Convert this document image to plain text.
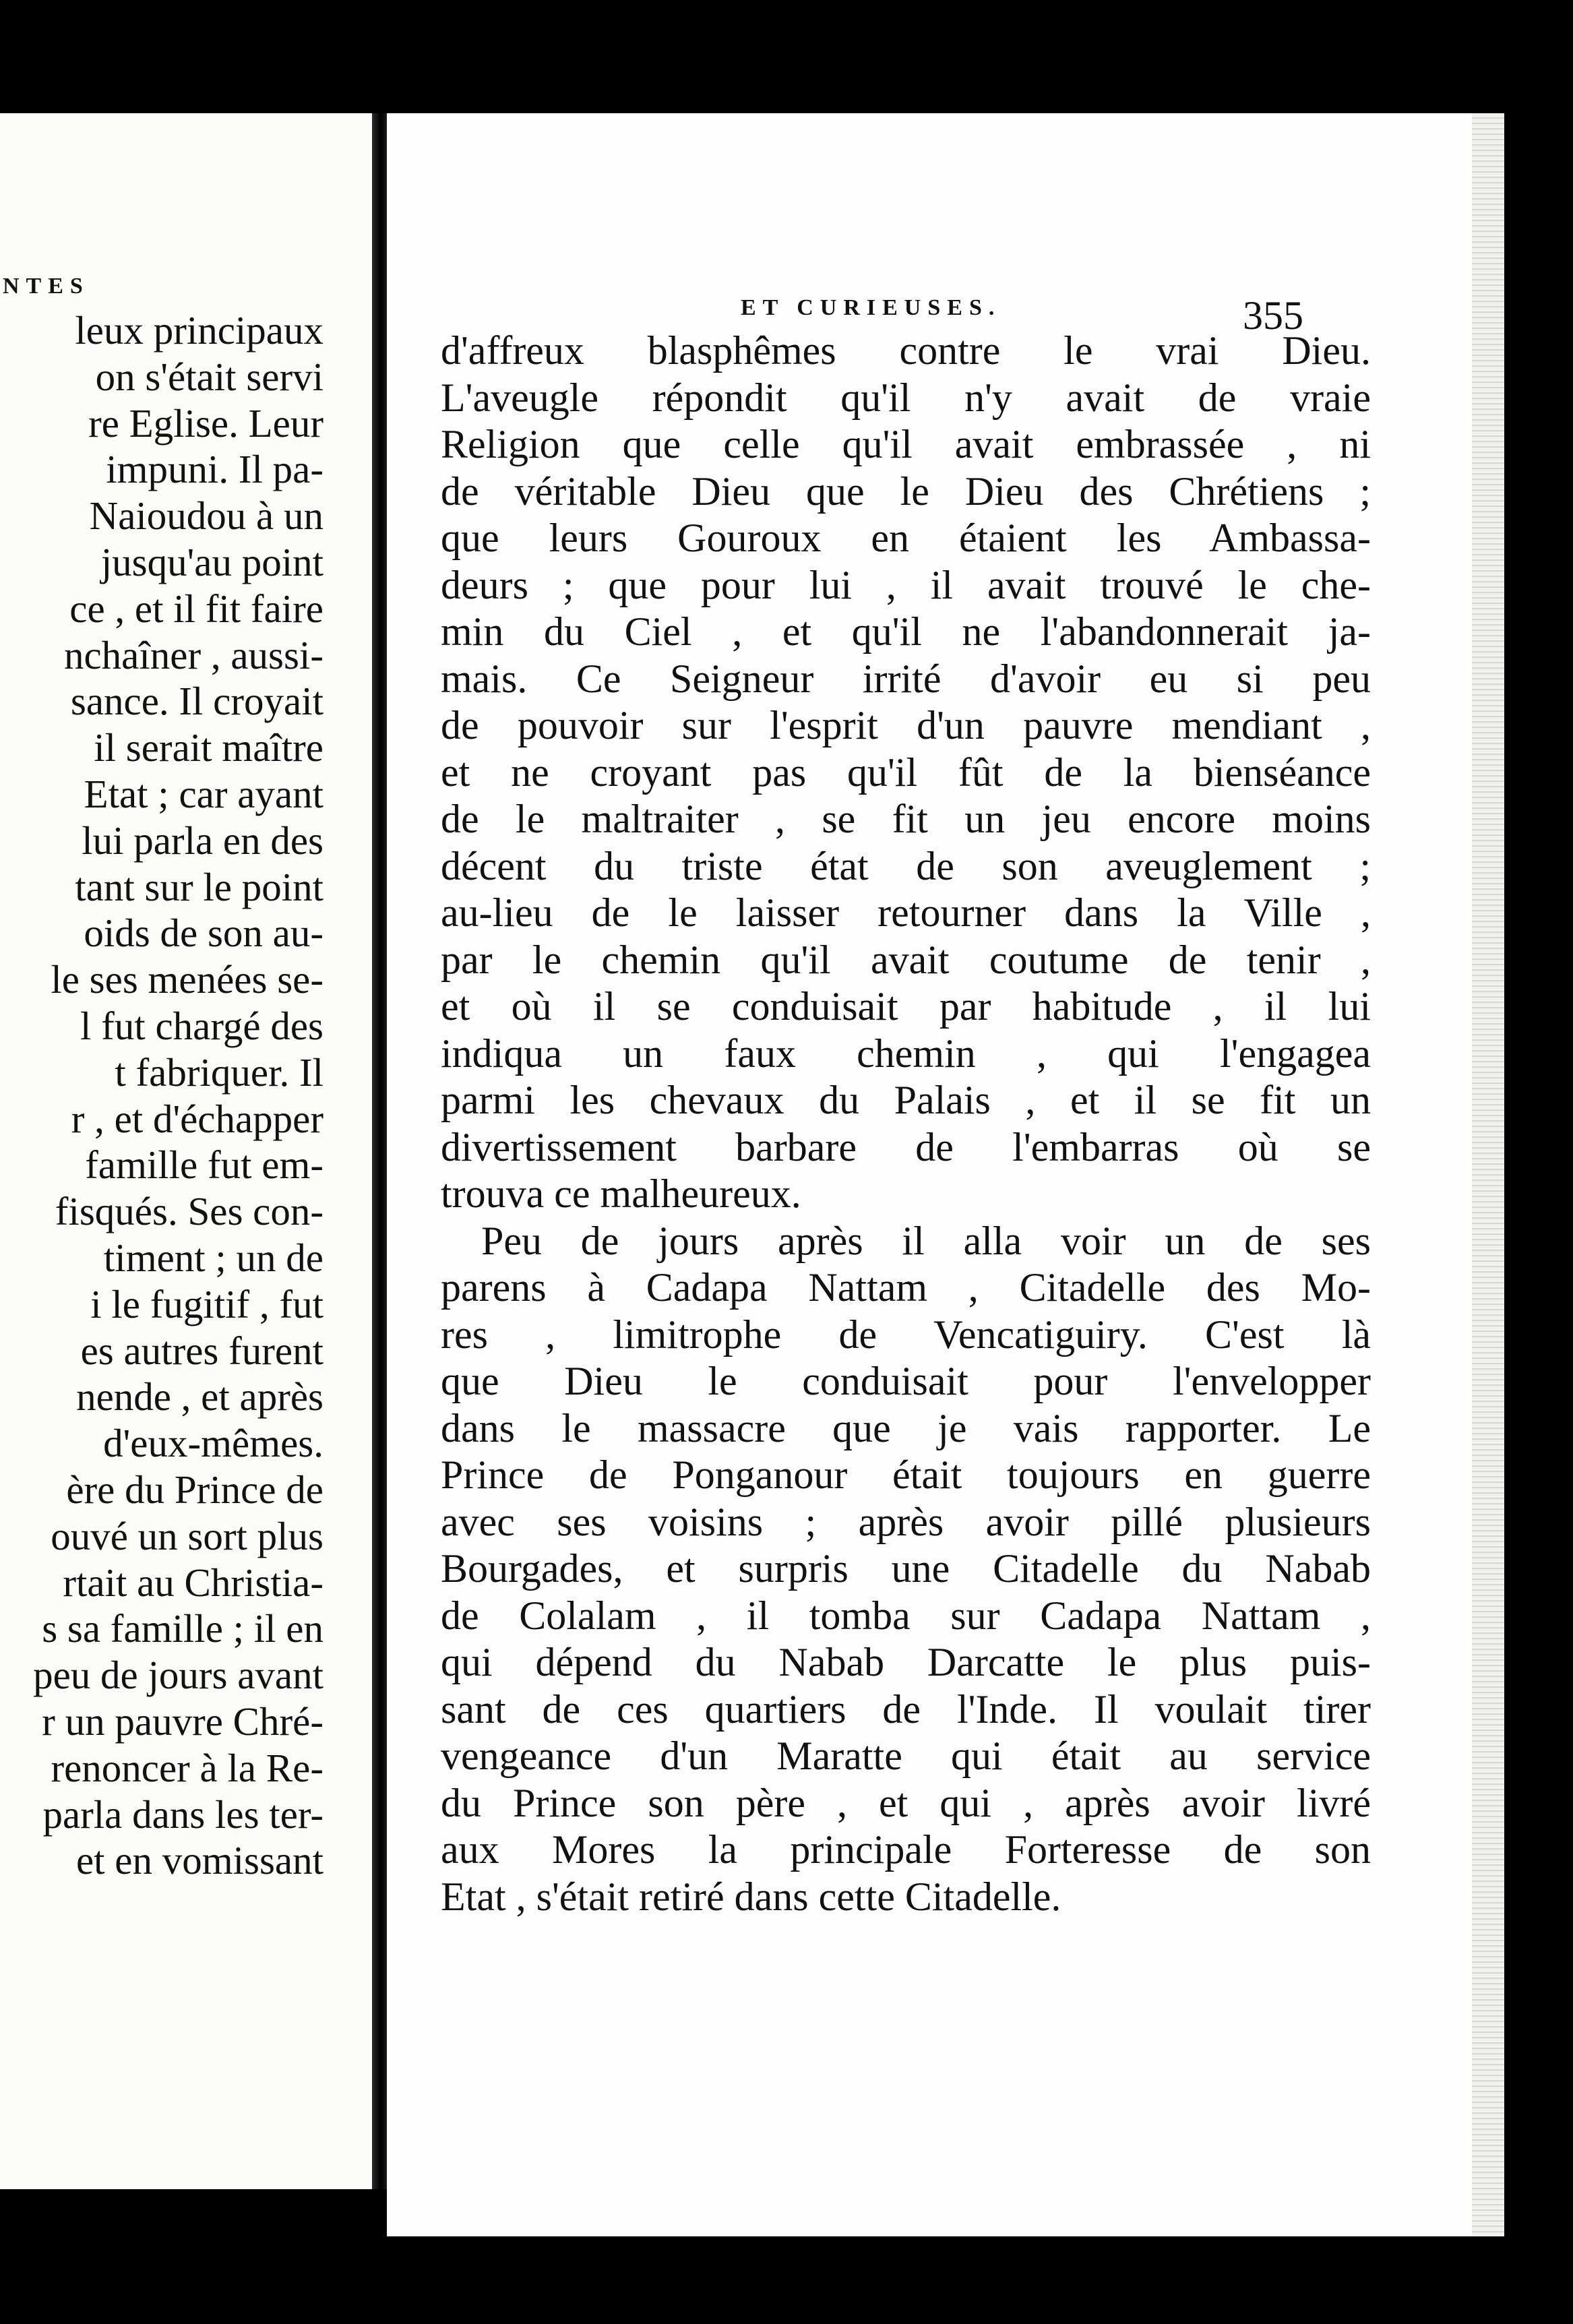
NTES
leux principaux
on s'était servi
re Eglise. Leur
impuni. Il pa-
Naioudou à un
jusqu'au point
ce , et il fit faire
nchaîner , aussi-
sance. Il croyait
il serait maître
Etat ; car ayant
lui parla en des
tant sur le point
oids de son au-
le ses menées se-
l fut chargé des
t fabriquer. Il
r , et d'échapper
famille fut em-
fisqués. Ses con-
timent ; un de
i le fugitif , fut
es autres furent
nende , et après
d'eux-mêmes.
ère du Prince de
ouvé un sort plus
rtait au Christia-
s sa famille ; il en
peu de jours avant
r un pauvre Chré-
renoncer à la Re-
parla dans les ter-
et en vomissant
ET CURIEUSES.	355
d'affreux blasphêmes contre le vrai Dieu.
L'aveugle répondit qu'il n'y avait de vraie
Religion que celle qu'il avait embrassée , ni
de véritable Dieu que le Dieu des Chrétiens ;
que leurs Gouroux en étaient les Ambassa-
deurs ; que pour lui , il avait trouvé le che-
min du Ciel , et qu'il ne l'abandonnerait ja-
mais. Ce Seigneur irrité d'avoir eu si peu
de pouvoir sur l'esprit d'un pauvre mendiant ,
et ne croyant pas qu'il fût de la bienséance
de le maltraiter , se fit un jeu encore moins
décent du triste état de son aveuglement ;
au-lieu de le laisser retourner dans la Ville ,
par le chemin qu'il avait coutume de tenir ,
et où il se conduisait par habitude , il lui
indiqua un faux chemin , qui l'engagea
parmi les chevaux du Palais , et il se fit un
divertissement barbare de l'embarras où se
trouva ce malheureux.
Peu de jours après il alla voir un de ses
parens à Cadapa Nattam , Citadelle des Mo-
res , limitrophe de Vencatiguiry. C'est là
que Dieu le conduisait pour l'envelopper
dans le massacre que je vais rapporter. Le
Prince de Ponganour était toujours en guerre
avec ses voisins ; après avoir pillé plusieurs
Bourgades, et surpris une Citadelle du Nabab
de Colalam , il tomba sur Cadapa Nattam ,
qui dépend du Nabab Darcatte le plus puis-
sant de ces quartiers de l'Inde. Il voulait tirer
vengeance d'un Maratte qui était au service
du Prince son père , et qui , après avoir livré
aux Mores la principale Forteresse de son
Etat , s'était retiré dans cette Citadelle.
